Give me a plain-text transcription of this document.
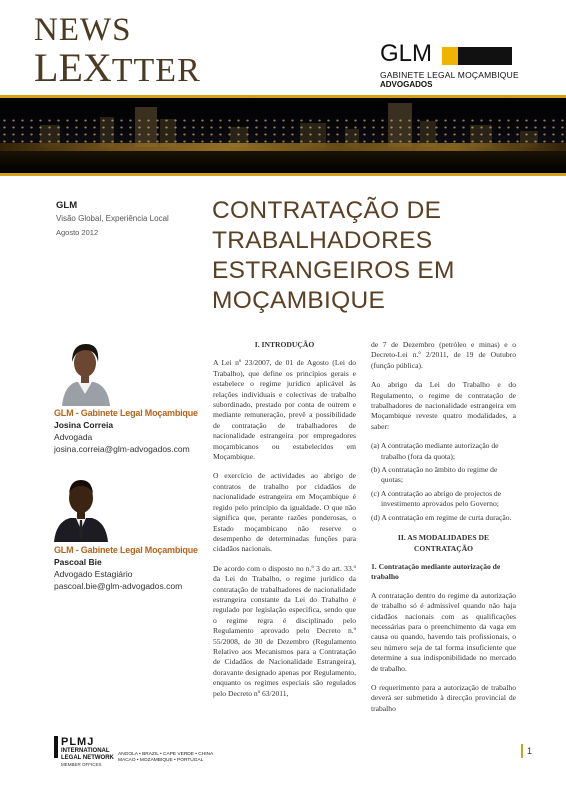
NEWS
LEXTTER	GLM
GABINETE LEGAL MOÇAMBIQUE
ADVOGADOS
GLM
Visão Global, Experiência Local
Agosto 2012
CONTRATAÇÃO DE
TRABALHADORES
ESTRANGEIROS EM
MOÇAMBIQUE
GLM - Gabinete Legal Moçambique
Josina Correia
Advogada
josina.correia@glm-advogados.com
GLM - Gabinete Legal Moçambique
Pascoal Bie
Advogado Estagiário
pascoal.bie@glm-advogados.com
I. INTRODUÇÃO

A Lei nº 23/2007, de 01 de Agosto (Lei do Trabalho), que define os princípios gerais e estabelece o regime jurídico aplicável às relações individuais e colectivas de trabalho subordinado, prestado por conta de outrem e mediante remuneração, prevê a possibilidade de contratação de trabalhadores de nacionalidade estrangeira por empregadores moçambicanos ou estabelecidos em Moçambique.

O exercício de actividades ao abrigo de contratos de trabalho por cidadãos de nacionalidade estrangeira em Moçambique é regido pelo princípio da igualdade. O que não significa que, perante razões ponderosas, o Estado moçambicano não reserve o desempenho de determinadas funções para cidadãos nacionais.

De acordo com o disposto no n.º 3 do art. 33.º da Lei do Trabalho, o regime jurídico da contratação de trabalhadores de nacionalidade estrangeira constante da Lei do Trabalho é regulado por legislação específica, sendo que o regime regra é disciplinado pelo Regulamento aprovado pelo Decreto n.º 55/2008, de 30 de Dezembro (Regulamento Relativo aos Mecanismos para a Contratação de Cidadãos de Nacionalidade Estrangeira), doravante designado apenas por Regulamento, enquanto os regimes especiais são regulados pelo Decreto nº 63/2011,

de 7 de Dezembro (petróleo e minas) e o Decreto-Lei n.º 2/2011, de 19 de Outubro (função pública).

Ao abrigo da Lei do Trabalho e do Regulamento, o regime de contratação de trabalhadores de nacionalidade estrangeira em Moçambique reveste quatro modalidades, a saber:

(a) A contratação mediante autorização de trabalho (fora da quota);
(b) A contratação no âmbito do regime de quotas;
(c) A contratação ao abrigo de projectos de investimento aprovados pelo Governo;
(d) A contratação em regime de curta duração.
II. AS MODALIDADES DE
CONTRATAÇÃO
1. Contratação mediante autorização de trabalho

A contratação dentro do regime da autorização de trabalho só é admissível quando não haja cidadãos nacionais com as qualificações necessárias para o preenchimento da vaga em causa ou quando, havendo tais profissionais, o seu número seja de tal forma insuficiente que determine a sua indisponibilidade no mercado de trabalho.

O requerimento para a autorização de trabalho deverá ser submetido à direcção provincial de trabalho

PLMJ
INTERNATIONAL
LEGAL NETWORK
MEMBER OFFICES
ANGOLA • BRAZIL • CAPE VERDE • CHINA
MACAO • MOZAMBIQUE • PORTUGAL
1
